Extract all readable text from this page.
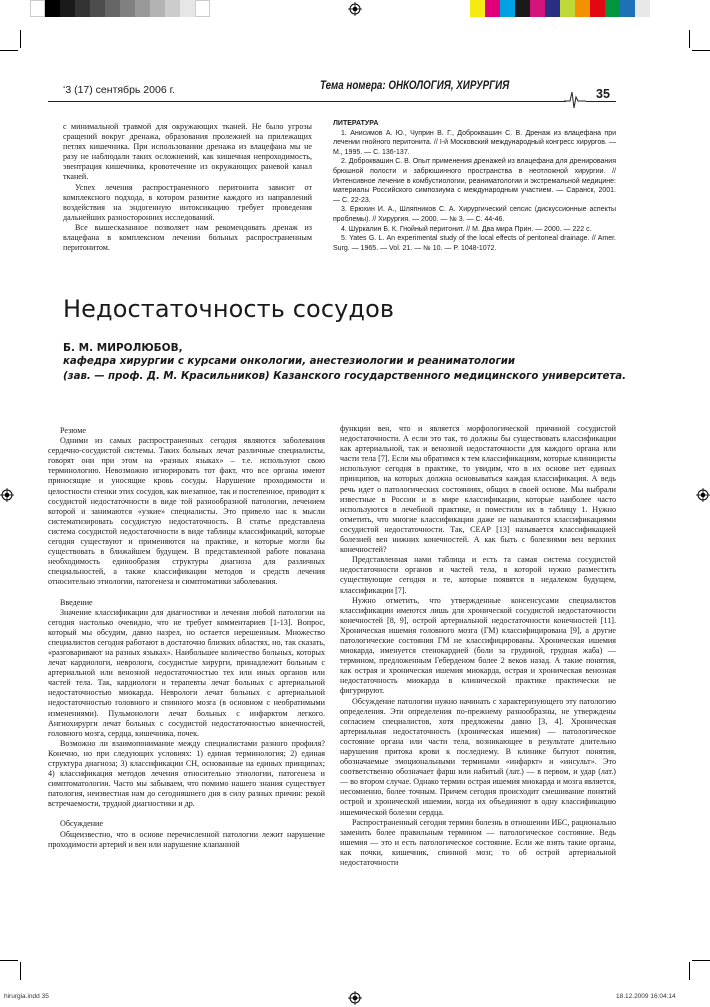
ʻ3 (17) сентябрь 2006 г.	Тема номера: ОНКОЛОГИЯ, ХИРУРГИЯ
35

с минимальной травмой для окружающих тканей. Не было угрозы сращений вокруг дренажа, образования пролежней на прилежащих петлях кишечника. При использовании дренажа из влацефана мы не разу не наблюдали таких осложнений, как кишечная непроходимость, эвентрация кишечника, кровотечение из окружающих раневой канал тканей.

Успех лечения распространенного перитонита зависит от комплексного подхода, в котором развитие каждого из направлений воздействия на эндогенную интоксикацию требует проведения дальнейших разносторонних исследований.

Все вышесказанное позволяет нам рекомендовать дренаж из влацефана в комплексном лечении больных распространенным перитонитом.

ЛИТЕРАТУРА

1. Анисимов А. Ю., Чуприн В. Г., Доброквашин С. В. Дренаж из влацефана при лечении гнойного перитонита. // I-й Московский международный конгресс хирургов. — М., 1995. — С. 136-137.

2. Доброквашин С. В. Опыт применения дренажей из влацефана для дренирования брюшной полости и забрюшинного пространства в неотложной хирургии. // Интенсивное лечение в комбустиологии, реаниматологии и экстремальной медицине: материалы Российского симпозиума с международным участием. — Саранск, 2001. — С. 22-23.

3. Ерюхин И. А., Шляпников С. А. Хирургический сепсис (дискуссионные аспекты проблемы). // Хирургия. — 2000. — № 3. — С. 44-46.

4. Шуркалин Б. К. Гнойный перитонит. // М. Два мира Прин. — 2000. — 222 с.

5. Yates G. L. An experimental study of the local effects of peritoneal drainage. // Amer. Surg. — 1965. — Vol. 21. — № 10. — P. 1048-1072.

Недостаточность сосудов
Б. М. МИРОЛЮБОВ,
кафедра хирургии с курсами онкологии, анестезиологии и реаниматологии
(зав. — проф. Д. М. Красильников) Казанского государственного медицинского университета.

Резюме

Одними из самых распространенных сегодня являются заболевания сердечно-сосудистой системы. Таких больных лечат различные специалисты, говорят они при этом на «разных языках» – т.е. используют свою терминологию. Невозможно игнорировать тот факт, что все органы имеют приносящие и уносящие кровь сосуды. Нарушение проходимости и целостности стенки этих сосудов, как внезапное, так и постепенное, приводит к сосудистой недостаточности в виде той разнообразной патологии, лечением которой и занимаются «узкие» специалисты. Это привело нас к мысли систематизировать сосудистую недостаточность. В статье представлена система сосудистой недостаточности в виде таблицы классификаций, которые сегодня существуют и применяются на практике, и которые могли бы существовать в ближайшем будущем. В представленной работе показана необходимость единообразия структуры диагноза для различных специальностей, а также классификации методов и средств лечения относительно этиологии, патогенеза и симптоматики заболевания.

Введение

Значение классификации для диагностики и лечения любой патологии на сегодня настолько очевидно, что не требует комментариев [1-13]. Вопрос, который мы обсудим, давно назрел, но остается нерешенным. Множество специалистов сегодня работают в достаточно близких областях, но, так сказать, «разговаривают на разных языках». Наибольшее количество больных, которых лечат кардиологи, неврологи, сосудистые хирурги, принадлежит больным с артериальной или венозной недостаточностью тех или иных органов или частей тела. Так, кардиологи и терапевты лечат больных с артериальной недостаточностью миокарда. Неврологи лечат больных с артериальной недостаточностью головного и спинного мозга (в основном с необратимыми изменениями). Пульмонологи лечат больных с инфарктом легкого. Ангиохирурги лечат больных с сосудистой недостаточностью конечностей, головного мозга, сердца, кишечника, почек.

Возможно ли взаимопонимание между специалистами разного профиля? Конечно, но при следующих условиях: 1) единая терминология; 2) единая структура диагноза; 3) классификации СН, основанные на единых принципах; 4) классификация методов лечения относительно этиологии, патогенеза и симптоматологии. Часто мы забываем, что помимо нашего знания существует патология, неизвестная нам до сегодняшнего дня в силу разных причин: рекой встречаемости, трудной диагностики и др.

Обсуждение

Общеизвестно, что в основе перечисленной патологии лежит нарушение проходимости артерий и вен или нарушение клапанной

функции вен, что и является морфологической причиной сосудистой недостаточности. А если это так, то должны бы существовать классификации как артериальной, так и венозной недостаточности для каждого органа или части тела [7]. Если мы обратимся к тем классификациям, которые клиницисты используют сегодня в практике, то увидим, что в их основе нет единых принципов, на которых должна основываться каждая классификация. А ведь речь идет о патологических состояниях, общих в своей основе. Мы выбрали известные в России и в мире классификации, которые наиболее часто используются в лечебной практике, и поместили их в таблицу 1. Нужно отметить, что многие классификации даже не называются классификациями сосудистой недостаточности. Так, CEAP [13] называется классификацией болезней вен нижних конечностей. А как быть с болезнями вен верхних конечностей?

Представленная нами таблица и есть та самая система сосудистой недостаточности органов и частей тела, в которой нужно разместить существующие сегодня и те, которые появятся в недалеком будущем, классификации [7].

Нужно отметить, что утвержденные консенсусами специалистов классификации имеются лишь для хронической сосудистой недостаточности конечностей [8, 9], острой артериальной недостаточности конечностей [11]. Хроническая ишемия головного мозга (ГМ) классифицирована [9], а другие патологические состояния ГМ не классифицированы. Хроническая ишемия миокарда, именуется стенокардией (боли за грудиной, грудная жаба) — термином, предложенным Геберденом более 2 веков назад. А такие понятия, как острая и хроническая ишемия миокарда, острая и хроническая венозная недостаточность миокарда в клинической практике практически не фигурируют.

Обсуждение патологии нужно начинать с характеризующего эту патологию определения. Эти определения по-прежнему разнообразны, не утверждены согласием специалистов, хотя предложены давно [3, 4]. Хроническая артериальная недостаточность (хроническая ишемия) — патологическое состояние органа или части тела, возникающее в результате длительно нарушения притока крови к последнему. В клинике бытуют понятия, обозначаемые эмоциональными терминами «инфаркт» и «инсульт». Это соответственно обозначает фарш или набитый (лат.) — в первом, и удар (лат.) — во втором случае. Однако термин острая ишемия миокарда и мозга является, несомненно, более точным. Причем сегодня происходит смешивание понятий острой и хронической ишемии, когда их объединяют в одну классификацию ишемической болезни сердца.

Распространенный сегодня термин болезнь в отношении ИБС, рационально заменить более правильным термином — патологическое состояние. Ведь ишемия — это и есть патологическое состояние. Если же взять такие органы, как почки, кишечник, спинной мозг, то об острой артериальной недостаточности

hirurgia.indd 35	18.12.2009 16:04:14
